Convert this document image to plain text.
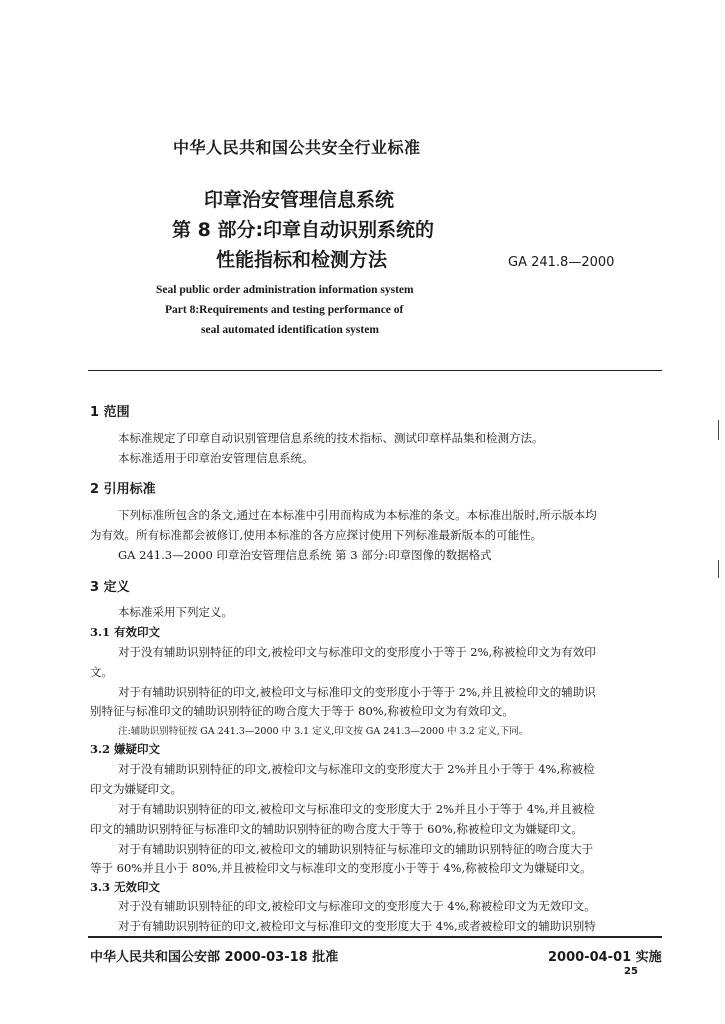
中华人民共和国公共安全行业标准
印章治安管理信息系统
第 8 部分:印章自动识别系统的
性能指标和检测方法	GA 241.8—2000
Seal public order administration information system
Part 8:Requirements and testing performance of
seal automated identification system
1 范围
本标准规定了印章自动识别管理信息系统的技术指标、测试印章样品集和检测方法。
本标准适用于印章治安管理信息系统。
2 引用标准
下列标准所包含的条文,通过在本标准中引用而构成为本标准的条文。本标准出版时,所示版本均
为有效。所有标准都会被修订,使用本标准的各方应探讨使用下列标准最新版本的可能性。
GA 241.3—2000 印章治安管理信息系统 第 3 部分:印章图像的数据格式
3 定义
本标准采用下列定义。
3.1 有效印文
对于没有辅助识别特征的印文,被检印文与标准印文的变形度小于等于 2%,称被检印文为有效印
文。
对于有辅助识别特征的印文,被检印文与标准印文的变形度小于等于 2%,并且被检印文的辅助识
别特征与标准印文的辅助识别特征的吻合度大于等于 80%,称被检印文为有效印文。
注:辅助识别特征按 GA 241.3—2000 中 3.1 定义,印文按 GA 241.3—2000 中 3.2 定义,下同。
3.2 嫌疑印文
对于没有辅助识别特征的印文,被检印文与标准印文的变形度大于 2%并且小于等于 4%,称被检
印文为嫌疑印文。
对于有辅助识别特征的印文,被检印文与标准印文的变形度大于 2%并且小于等于 4%,并且被检
印文的辅助识别特征与标准印文的辅助识别特征的吻合度大于等于 60%,称被检印文为嫌疑印文。
对于有辅助识别特征的印文,被检印文的辅助识别特征与标准印文的辅助识别特征的吻合度大于
等于 60%并且小于 80%,并且被检印文与标准印文的变形度小于等于 4%,称被检印文为嫌疑印文。
3.3 无效印文
对于没有辅助识别特征的印文,被检印文与标准印文的变形度大于 4%,称被检印文为无效印文。
对于有辅助识别特征的印文,被检印文与标准印文的变形度大于 4%,或者被检印文的辅助识别特
中华人民共和国公安部 2000-03-18 批准	2000-04-01 实施
25
